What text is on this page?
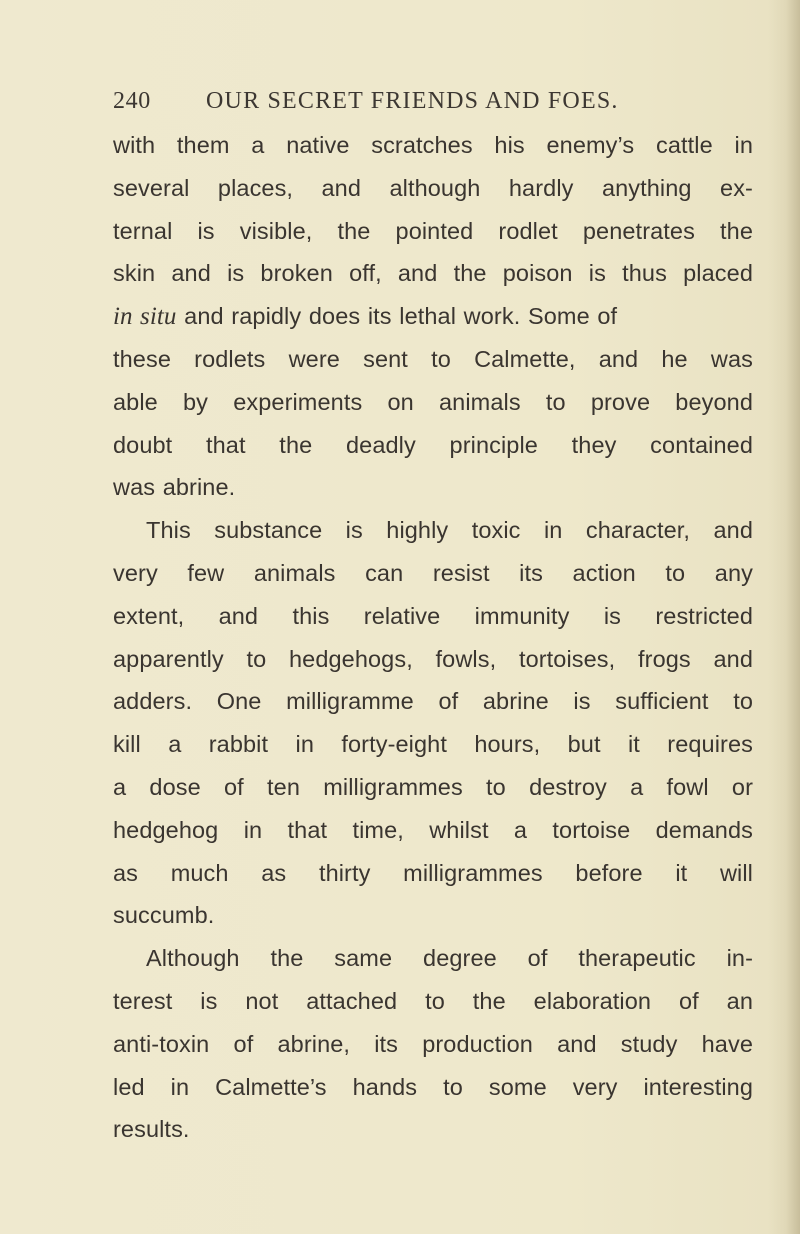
240 OUR SECRET FRIENDS AND FOES.
with them a native scratches his enemy’s cattle in
several places, and although hardly anything ex-
ternal is visible, the pointed rodlet penetrates the
skin and is broken off, and the poison is thus placed
in situ and rapidly does its lethal work. Some of
these rodlets were sent to Calmette, and he was
able by experiments on animals to prove beyond
doubt that the deadly principle they contained
was abrine.
This substance is highly toxic in character, and
very few animals can resist its action to any
extent, and this relative immunity is restricted
apparently to hedgehogs, fowls, tortoises, frogs and
adders. One milligramme of abrine is sufficient to
kill a rabbit in forty-eight hours, but it requires
a dose of ten milligrammes to destroy a fowl or
hedgehog in that time, whilst a tortoise demands
as much as thirty milligrammes before it will
succumb.
Although the same degree of therapeutic in-
terest is not attached to the elaboration of an
anti-toxin of abrine, its production and study have
led in Calmette’s hands to some very interesting
results.
